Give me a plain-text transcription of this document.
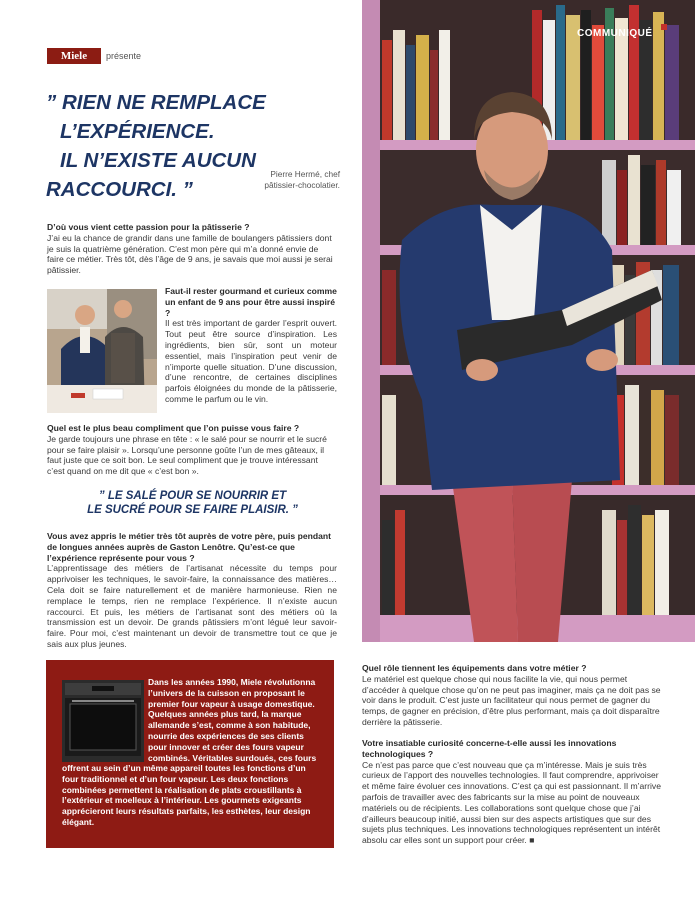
Miele	présente
” RIEN NE REMPLACE
L’EXPÉRIENCE.
IL N’EXISTE AUCUN
RACCOURCI. ”
Pierre Hermé, chef
pâtissier-chocolatier.

D’où vous vient cette passion pour la pâtisserie ?

J’ai eu la chance de grandir dans une famille de boulangers pâtissiers dont je suis la quatrième génération. C’est mon père qui m’a donné envie de faire ce métier. Très tôt, dès l’âge de 9 ans, je savais que moi aussi je serai pâtissier.

Faut-il rester gourmand et curieux comme un enfant de 9 ans pour être aussi inspiré ?

Il est très important de garder l’esprit ouvert. Tout peut être source d’inspiration. Les ingrédients, bien sûr, sont un moteur essentiel, mais l’inspiration peut venir de n’importe quelle situation. D’une discussion, d’une rencontre, de certaines disciplines parfois éloignées du monde de la pâtisserie, comme le parfum ou le vin.

Quel est le plus beau compliment que l’on puisse vous faire ?

Je garde toujours une phrase en tête : « le salé pour se nourrir et le sucré pour se faire plaisir ». Lorsqu’une personne goûte l’un de mes gâteaux, il faut juste que ce soit bon. Le seul compliment que je trouve intéressant c’est quand on me dit que « c’est bon ».

” LE SALÉ POUR SE NOURRIR ET
LE SUCRÉ POUR SE FAIRE PLAISIR. ”

Vous avez appris le métier très tôt auprès de votre père, puis pendant de longues années auprès de Gaston Lenôtre. Qu’est-ce que l’expérience représente pour vous ?

L’apprentissage des métiers de l’artisanat nécessite du temps pour apprivoiser les techniques, le savoir-faire, la connaissance des matières… Cela doit se faire naturellement et de manière harmonieuse. Rien ne remplace le temps, rien ne remplace l’expérience. Il n’existe aucun raccourci. Et puis, les métiers de l’artisanat sont des métiers où la transmission est un devoir. De grands pâtissiers m’ont légué leur savoir-faire. Pour moi, c’est maintenant un devoir de transmettre tout ce que je sais aux plus jeunes.

Dans les années 1990, Miele révolutionna l’univers de la cuisson en proposant le premier four vapeur à usage domestique. Quelques années plus tard, la marque allemande s’est, comme à son habitude, nourrie des expériences de ses clients pour innover et créer des fours vapeur combinés. Véritables surdoués, ces fours
offrent au sein d’un même appareil toutes les fonctions d’un four traditionnel et d’un four vapeur. Les deux fonctions combinées permettent la réalisation de plats croustillants à l’extérieur et moelleux à l’intérieur. Les gourmets exigeants apprécieront leurs résultats parfaits, les esthètes, leur design élégant.

Quel rôle tiennent les équipements dans votre métier ?

Le matériel est quelque chose qui nous facilite la vie, qui nous permet d’accéder à quelque chose qu’on ne peut pas imaginer, mais ça ne doit pas se voir dans le produit. C’est juste un facilitateur qui nous permet de gagner du temps, de gagner en précision, d’être plus performant, mais ça doit disparaître derrière la pâtisserie.

Votre insatiable curiosité concerne-t-elle aussi les innovations technologiques ?

Ce n’est pas parce que c’est nouveau que ça m’intéresse. Mais je suis très curieux de l’apport des nouvelles technologies. Il faut comprendre, apprivoiser et même faire évoluer ces innovations. C’est ça qui est passionnant. Il m’arrive parfois de travailler avec des fabricants sur la mise au point de nouveaux matériels ou de récipients. Les collaborations sont quelque chose que j’ai d’ailleurs beaucoup initié, aussi bien sur des aspects artistiques que sur des sujets plus techniques. Les innovations technologiques représentent un intérêt absolu car elles sont un support pour créer. ■

COMMUNIQUÉ
